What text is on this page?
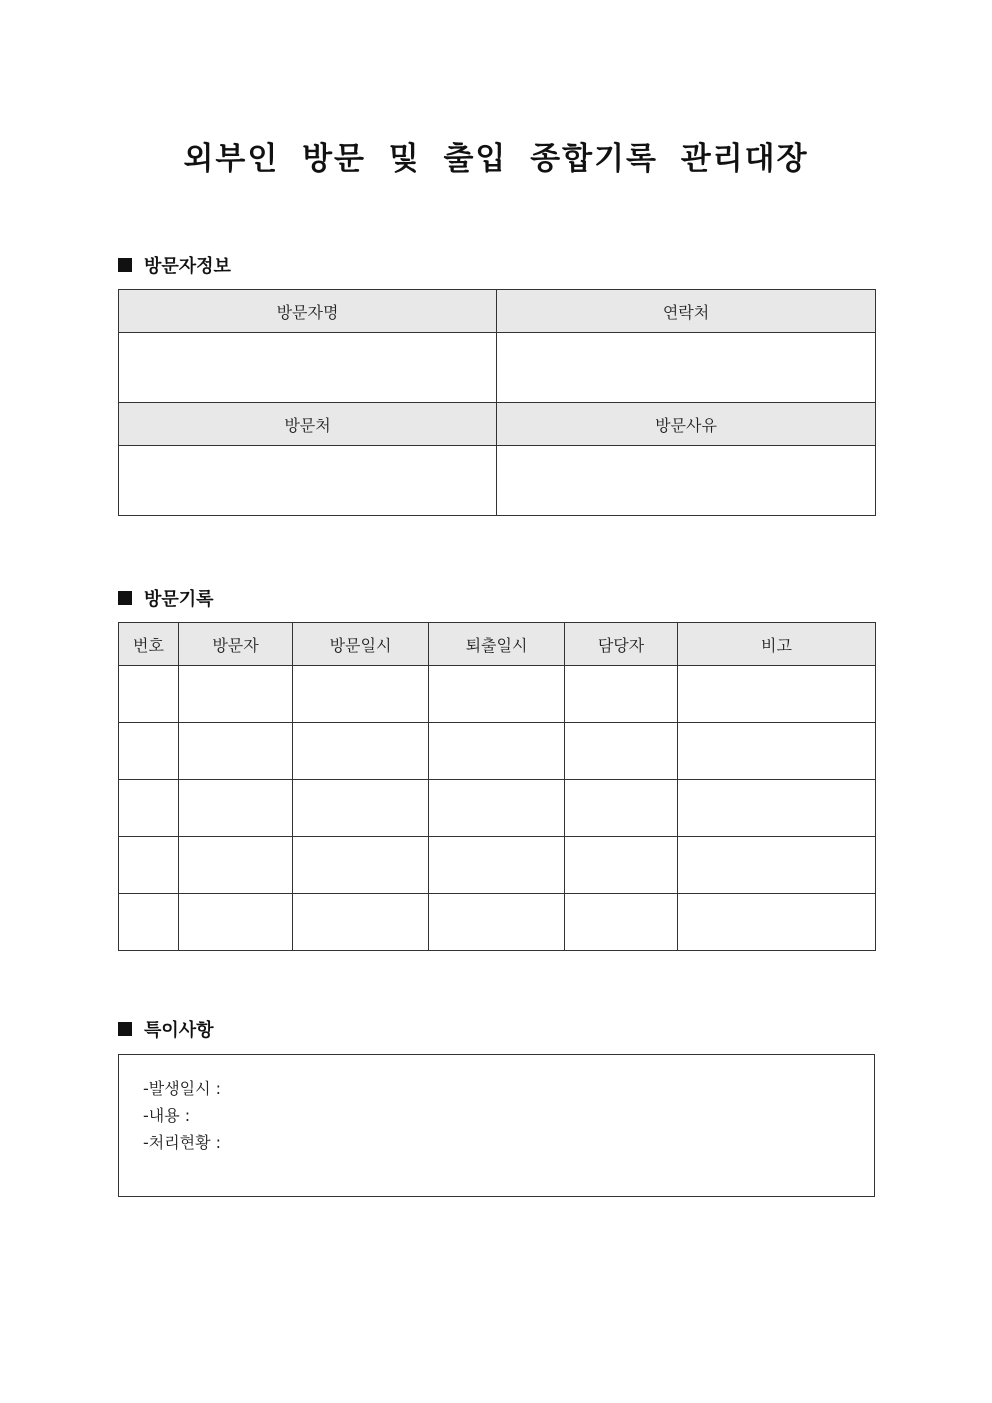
외부인 방문 및 출입 종합기록 관리대장
방문자정보
방문자명	연락처

방문처	방문사유

방문기록
번호	방문자	방문일시	퇴출일시	담당자	비고

특이사항
-발생일시 :
-내용 :
-처리현황 :
